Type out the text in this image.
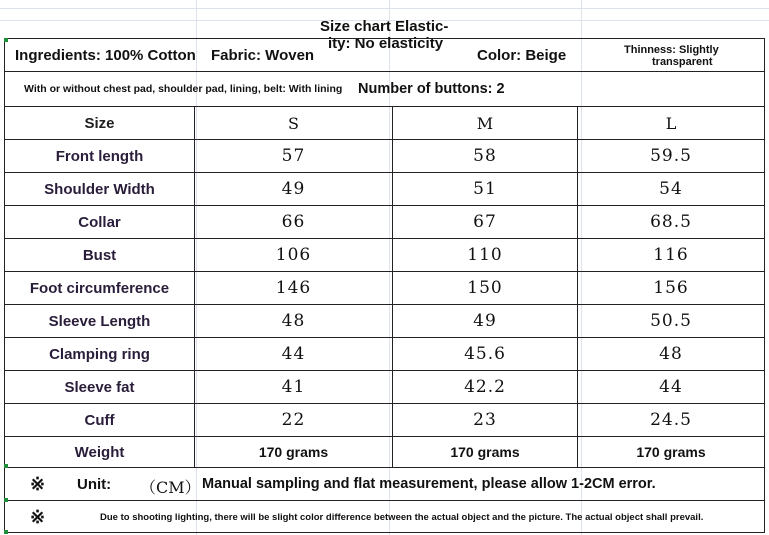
Size chart Elastic-
ity: No elasticity
Ingredients: 100% Cotton Fabric: Woven	Color: Beige	Thinness: Slightly
transparent
With or without chest pad, shoulder pad, lining, belt: With lining Number of buttons: 2
Size	S	M	L
Front length	57	58	59.5
Shoulder Width	49	51	54
Collar	66	67	68.5
Bust	106	110	116
Foot circumference	146	150	156
Sleeve Length	48	49	50.5
Clamping ring	44	45.6	48
Sleeve fat	41	42.2	44
Cuff	22	23	24.5
Weight	170 grams	170 grams	170 grams
※ Unit: （CM） Manual sampling and flat measurement, please allow 1-2CM error.
※	Due to shooting lighting, there will be slight color difference between the actual object and the picture. The actual object shall prevail.
